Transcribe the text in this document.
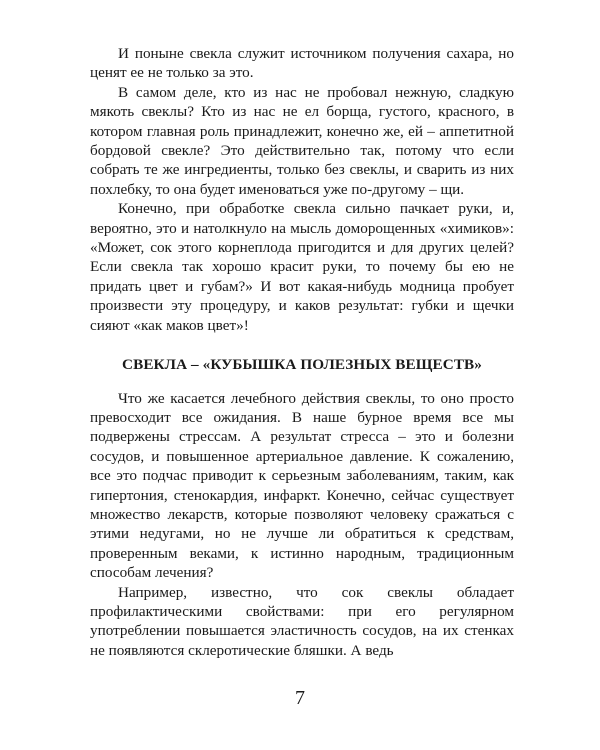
И поныне свекла служит источником получения сахара, но ценят ее не только за это.

В самом деле, кто из нас не пробовал нежную, сладкую мякоть свеклы? Кто из нас не ел борща, густого, красного, в котором главная роль принадлежит, конечно же, ей – аппетитной бордовой свекле? Это действительно так, потому что если собрать те же ингредиенты, только без свеклы, и сварить из них похлебку, то она будет именоваться уже по-другому – щи.

Конечно, при обработке свекла сильно пачкает руки, и, вероятно, это и натолкнуло на мысль доморощенных «химиков»: «Может, сок этого корнеплода пригодится и для других целей? Если свекла так хорошо красит руки, то почему бы ею не придать цвет и губам?» И вот какая-нибудь модница пробует произвести эту процедуру, и каков результат: губки и щечки сияют «как маков цвет»!

СВЕКЛА – «КУБЫШКА ПОЛЕЗНЫХ ВЕЩЕСТВ»

Что же касается лечебного действия свеклы, то оно просто превосходит все ожидания. В наше бурное время все мы подвержены стрессам. А результат стресса – это и болезни сосудов, и повышенное артериальное давление. К сожалению, все это подчас приводит к серьезным заболеваниям, таким, как гипертония, стенокардия, инфаркт. Конечно, сейчас существует множество лекарств, которые позволяют человеку сражаться с этими недугами, но не лучше ли обратиться к средствам, проверенным веками, к истинно народным, традиционным способам лечения?

Например, известно, что сок свеклы обладает профилактическими свойствами: при его регулярном употреблении повышается эластичность сосудов, на их стенках не появляются склеротические бляшки. А ведь

7
